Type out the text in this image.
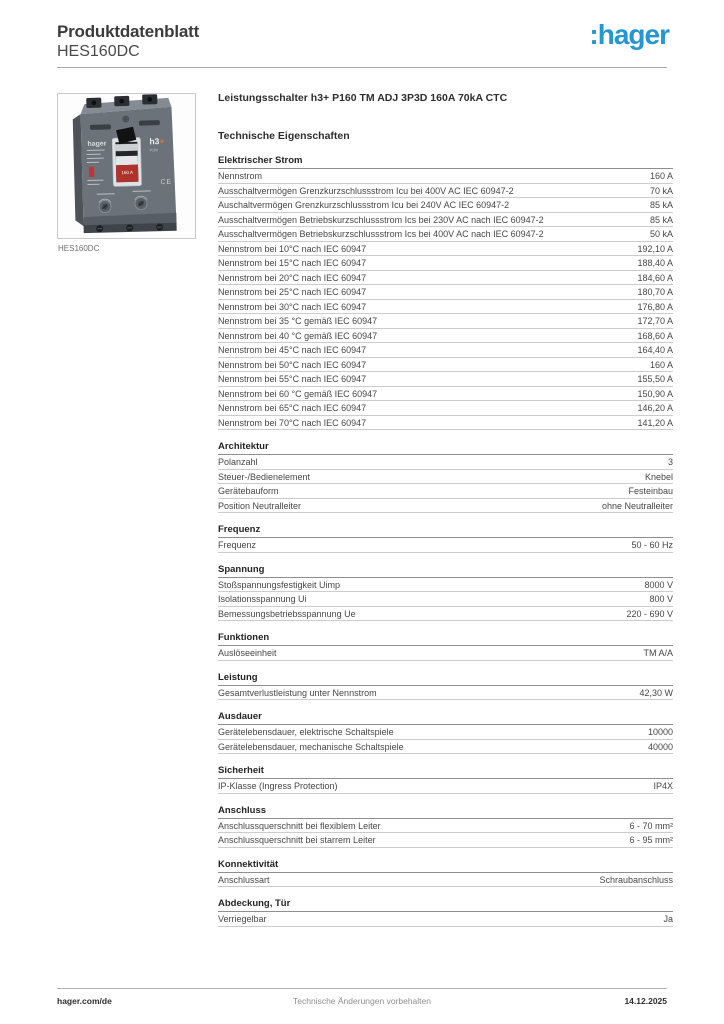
Produktdatenblatt
HES160DC
:hager
hager
160 A
h3 +
P160
CE
HES160DC
Leistungsschalter h3+ P160 TM ADJ 3P3D 160A 70kA CTC
Technische Eigenschaften
Elektrischer Strom
Nennstrom	160 A
Ausschaltvermögen Grenzkurzschlussstrom Icu bei 400V AC IEC 60947-2	70 kA
Auschaltvermögen Grenzkurzschlussstrom Icu bei 240V AC IEC 60947-2	85 kA
Ausschaltvermögen Betriebskurzschlussstrom Ics bei 230V AC nach IEC 60947-2	85 kA
Ausschaltvermögen Betriebskurzschlussstrom Ics bei 400V AC nach IEC 60947-2	50 kA
Nennstrom bei 10°C nach IEC 60947	192,10 A
Nennstrom bei 15°C nach IEC 60947	188,40 A
Nennstrom bei 20°C nach IEC 60947	184,60 A
Nennstrom bei 25°C nach IEC 60947	180,70 A
Nennstrom bei 30°C nach IEC 60947	176,80 A
Nennstrom bei 35 °C gemäß IEC 60947	172,70 A
Nennstrom bei 40 °C gemäß IEC 60947	168,60 A
Nennstrom bei 45°C nach IEC 60947	164,40 A
Nennstrom bei 50°C nach IEC 60947	160 A
Nennstrom bei 55°C nach IEC 60947	155,50 A
Nennstrom bei 60 °C gemäß IEC 60947	150,90 A
Nennstrom bei 65°C nach IEC 60947	146,20 A
Nennstrom bei 70°C nach IEC 60947	141,20 A
Architektur
Polanzahl	3
Steuer-/Bedienelement	Knebel
Gerätebauform	Festeinbau
Position Neutralleiter	ohne Neutralleiter
Frequenz
Frequenz	50 - 60 Hz
Spannung
Stoßspannungsfestigkeit Uimp	8000 V
Isolationsspannung Ui	800 V
Bemessungsbetriebsspannung Ue	220 - 690 V
Funktionen
Auslöseeinheit	TM A/A
Leistung
Gesamtverlustleistung unter Nennstrom	42,30 W
Ausdauer
Gerätelebensdauer, elektrische Schaltspiele	10000
Gerätelebensdauer, mechanische Schaltspiele	40000
Sicherheit
IP-Klasse (Ingress Protection)	IP4X
Anschluss
Anschlussquerschnitt bei flexiblem Leiter	6 - 70 mm²
Anschlussquerschnitt bei starrem Leiter	6 - 95 mm²
Konnektivität
Anschlussart	Schraubanschluss
Abdeckung, Tür
Verriegelbar	Ja
hager.com/de	Technische Änderungen vorbehalten	14.12.2025
